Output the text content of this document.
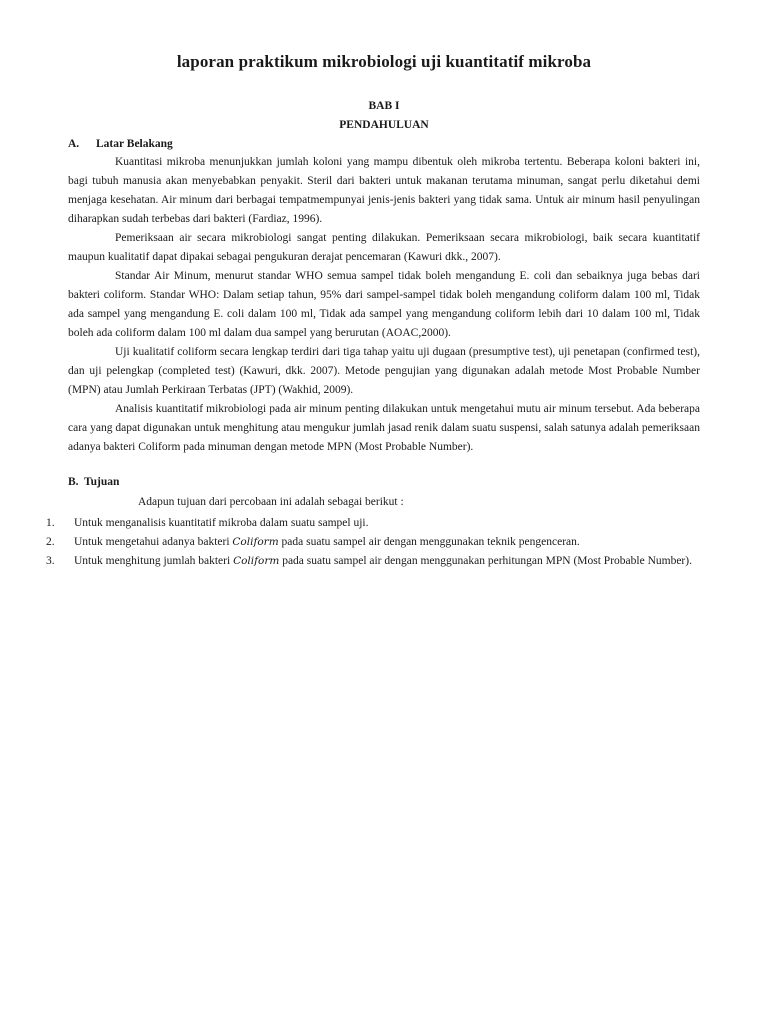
laporan praktikum mikrobiologi uji kuantitatif mikroba
BAB I
PENDAHULUAN
A. Latar Belakang

Kuantitasi mikroba menunjukkan jumlah koloni yang mampu dibentuk oleh mikroba tertentu. Beberapa koloni bakteri ini, bagi tubuh manusia akan menyebabkan penyakit. Steril dari bakteri untuk makanan terutama minuman, sangat perlu diketahui demi menjaga kesehatan. Air minum dari berbagai tempatmempunyai jenis-jenis bakteri yang tidak sama. Untuk air minum hasil penyulingan diharapkan sudah terbebas dari bakteri (Fardiaz, 1996).

Pemeriksaan air secara mikrobiologi sangat penting dilakukan. Pemeriksaan secara mikrobiologi, baik secara kuantitatif maupun kualitatif dapat dipakai sebagai pengukuran derajat pencemaran (Kawuri dkk., 2007).

Standar Air Minum, menurut standar WHO semua sampel tidak boleh mengandung E. coli dan sebaiknya juga bebas dari bakteri coliform. Standar WHO: Dalam setiap tahun, 95% dari sampel-sampel tidak boleh mengandung coliform dalam 100 ml, Tidak ada sampel yang mengandung E. coli dalam 100 ml, Tidak ada sampel yang mengandung coliform lebih dari 10 dalam 100 ml, Tidak boleh ada coliform dalam 100 ml dalam dua sampel yang berurutan (AOAC,2000).

Uji kualitatif coliform secara lengkap terdiri dari tiga tahap yaitu uji dugaan (presumptive test), uji penetapan (confirmed test), dan uji pelengkap (completed test) (Kawuri, dkk. 2007). Metode pengujian yang digunakan adalah metode Most Probable Number (MPN) atau Jumlah Perkiraan Terbatas (JPT) (Wakhid, 2009).

Analisis kuantitatif mikrobiologi pada air minum penting dilakukan untuk mengetahui mutu air minum tersebut. Ada beberapa cara yang dapat digunakan untuk menghitung atau mengukur jumlah jasad renik dalam suatu suspensi, salah satunya adalah pemeriksaan adanya bakteri Coliform pada minuman dengan metode MPN (Most Probable Number).

B. Tujuan
Adapun tujuan dari percobaan ini adalah sebagai berikut :
1. Untuk menganalisis kuantitatif mikroba dalam suatu sampel uji.
2. Untuk mengetahui adanya bakteri Coliform pada suatu sampel air dengan menggunakan teknik pengenceran.
3. Untuk menghitung jumlah bakteri Coliform pada suatu sampel air dengan menggunakan perhitungan MPN (Most Probable Number).
